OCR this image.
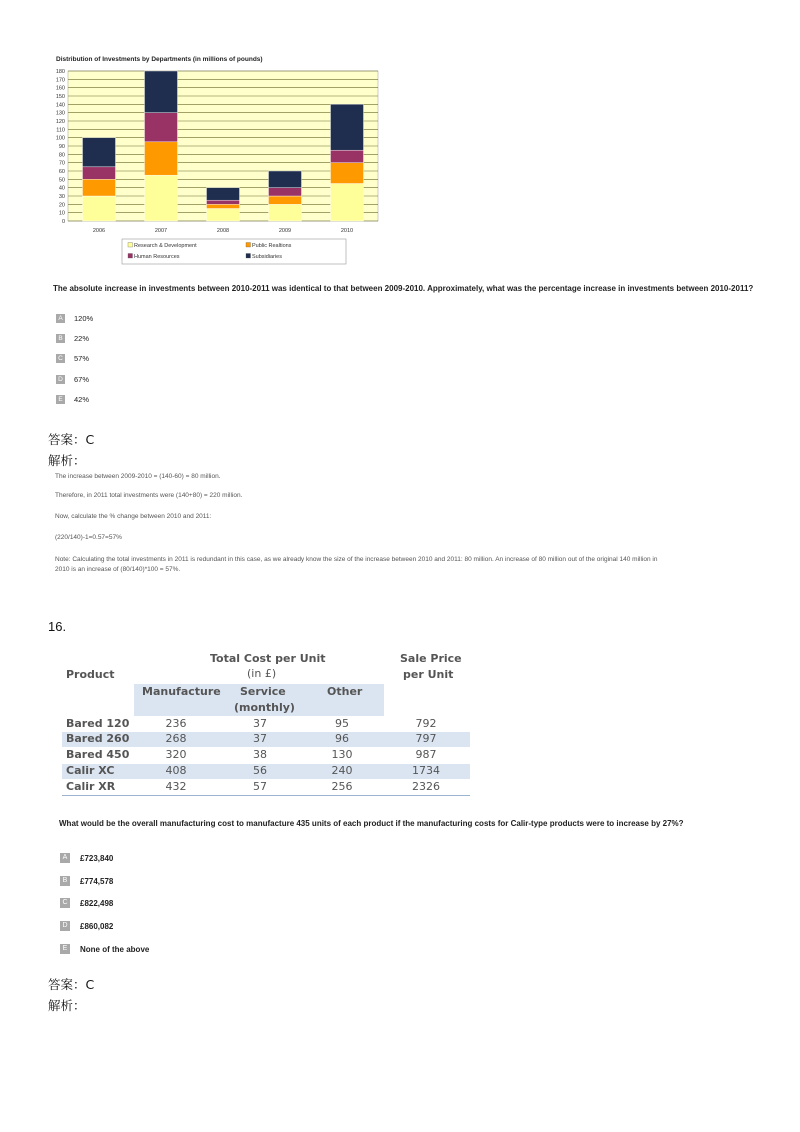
Distribution of Investments by Departments (in millions of pounds)
0
10
20
30
40
50
60
70
80
90
100
110
120
130
140
150
160
170
180
2006	2007	2008	2009	2010
Research & Development	Public Realtions
Human Resources	Subsidiaries
The absolute increase in investments between 2010-2011 was identical to that between 2009-2010. Approximately, what was the percentage increase in investments between 2010-2011?
A	120%
B	22%
C 57%
D 67%
E	42%
答案：C
解析：
The increase between 2009-2010 = (140-60) = 80 million.
Therefore, in 2011 total investments were (140+80) = 220 million.
Now, calculate the % change between 2010 and 2011:
(220/140)-1=0.57=57%
Note: Calculating the total investments in 2011 is redundant in this case, as we already know the size of the increase between 2010 and 2011: 80 million. An increase of 80 million out of the original 140 million in
2010 is an increase of (80/140)*100 = 57%.
16.
Product
Total Cost per Unit
(in £)
Sale Price
per Unit
Manufacture Service
(monthly)
Other
Bared 120	236	37	95	792
Bared 260	268	37	96	797
Bared 450	320	38	130	987
Calir XC	408	56	240	1734
Calir XR	432	57	256	2326
What would be the overall manufacturing cost to manufacture 435 units of each product if the manufacturing costs for Calir-type products were to increase by 27%?
A	£723,840
B	£774,578
C	£822,498
D	£860,082
E	None of the above
答案：C
解析：
